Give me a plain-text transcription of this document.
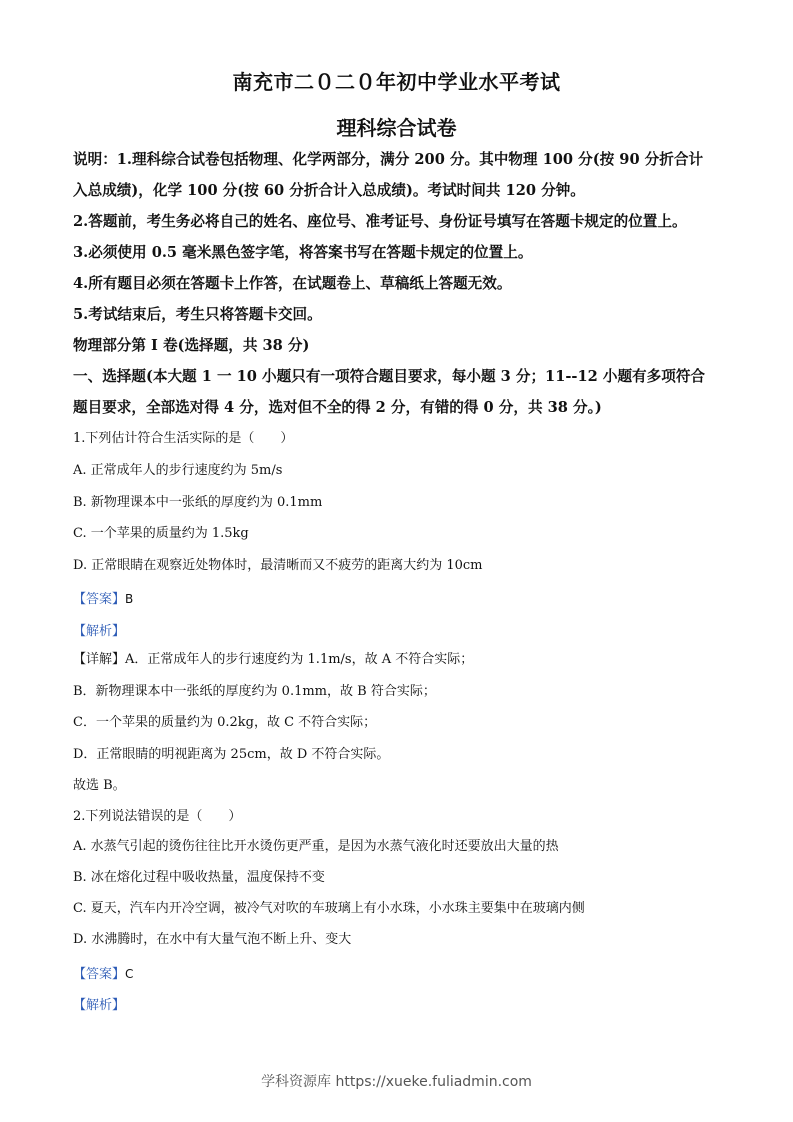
南充市二０二０年初中学业水平考试
理科综合试卷
说明：1.理科综合试卷包括物理、化学两部分，满分 200 分。其中物理 100 分(按 90 分折合计
入总成绩)，化学 100 分(按 60 分折合计入总成绩)。考试时间共 120 分钟。
2.答题前，考生务必将自己的姓名、座位号、准考证号、身份证号填写在答题卡规定的位置上。
3.必须使用 0.5 毫米黑色签字笔，将答案书写在答题卡规定的位置上。
4.所有题目必须在答题卡上作答，在试题卷上、草稿纸上答题无效。
5.考试结束后，考生只将答题卡交回。
物理部分第 I 卷(选择题，共 38 分)
一、选择题(本大题 1 一 10 小题只有一项符合题目要求，每小题 3 分；11--12 小题有多项符合
题目要求，全部选对得 4 分，选对但不全的得 2 分，有错的得 0 分，共 38 分。)
1.下列估计符合生活实际的是（　　）
A. 正常成年人的步行速度约为 5m/s
B. 新物理课本中一张纸的厚度约为 0.1mm
C. 一个苹果的质量约为 1.5kg
D. 正常眼睛在观察近处物体时，最清晰而又不疲劳的距离大约为 10cm
【答案】B
【解析】
【详解】A．正常成年人的步行速度约为 1.1m/s，故 A 不符合实际；
B．新物理课本中一张纸的厚度约为 0.1mm，故 B 符合实际；
C．一个苹果的质量约为 0.2kg，故 C 不符合实际；
D．正常眼睛的明视距离为 25cm，故 D 不符合实际。
故选 B。
2.下列说法错误的是（　　）
A. 水蒸气引起的烫伤往往比开水烫伤更严重，是因为水蒸气液化时还要放出大量的热
B. 冰在熔化过程中吸收热量，温度保持不变
C. 夏天，汽车内开冷空调，被冷气对吹的车玻璃上有小水珠，小水珠主要集中在玻璃内侧
D. 水沸腾时，在水中有大量气泡不断上升、变大
【答案】C
【解析】
学科资源库 https://xueke.fuliadmin.com
